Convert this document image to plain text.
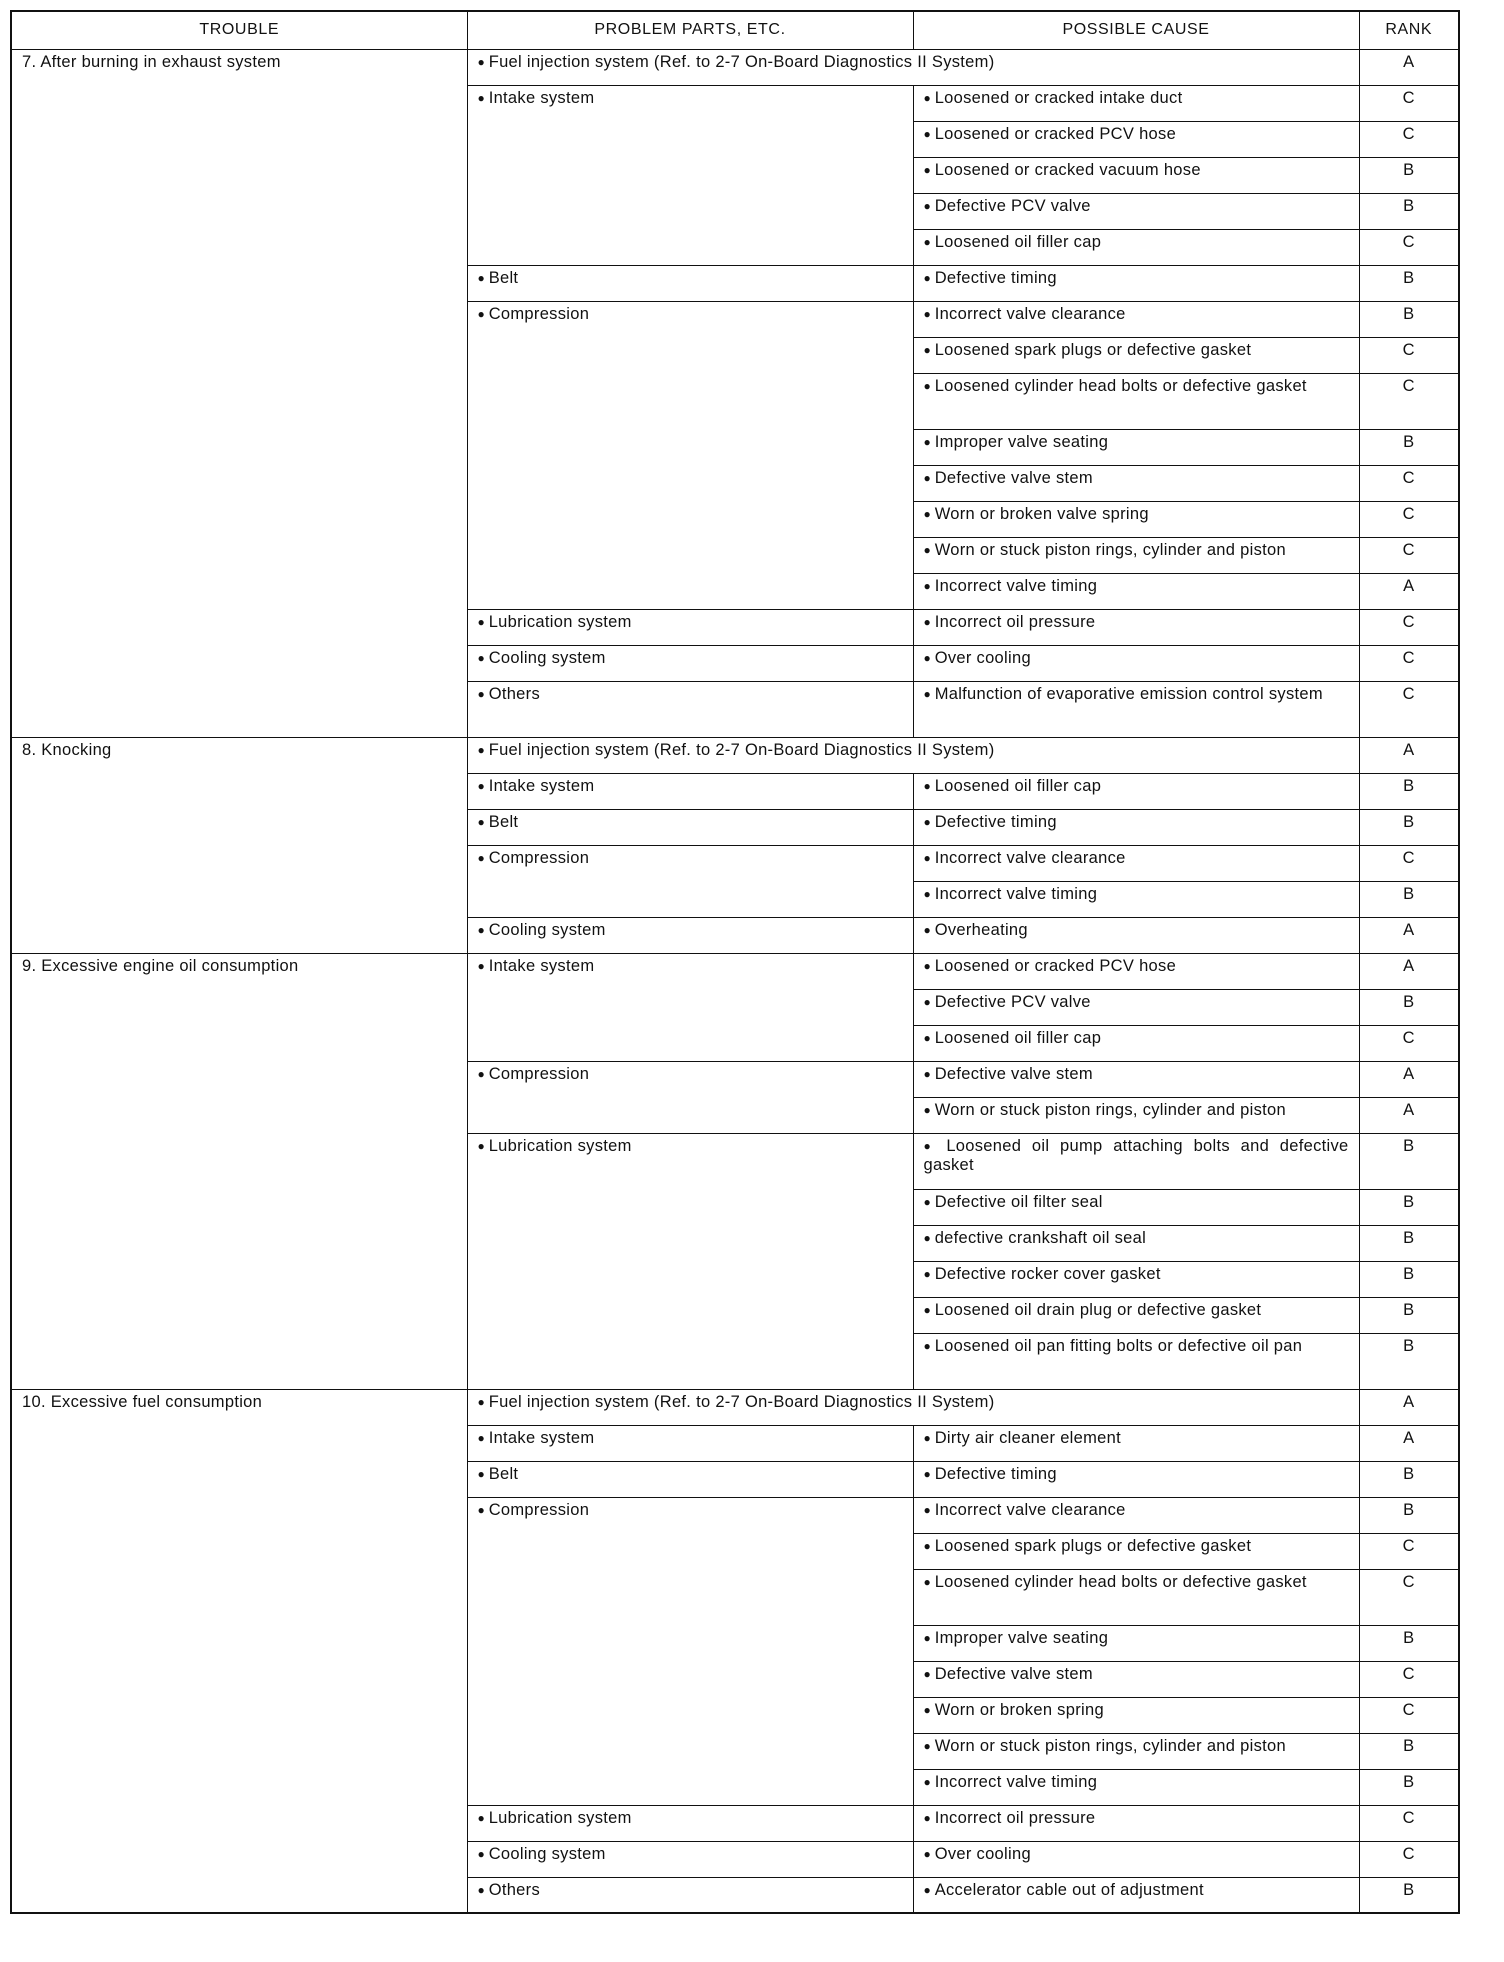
TROUBLE	PROBLEM PARTS, ETC.	POSSIBLE CAUSE	RANK
7. After burning in exhaust system	● Fuel injection system (Ref. to 2-7 On-Board Diagnostics II System)		A
	● Intake system	● Loosened or cracked intake duct	C
		● Loosened or cracked PCV hose	C
		● Loosened or cracked vacuum hose	B
		● Defective PCV valve	B
		● Loosened oil filler cap	C
	● Belt	● Defective timing	B
	● Compression	● Incorrect valve clearance	B
		● Loosened spark plugs or defective gasket	C
		● Loosened cylinder head bolts or defective gasket	C
		● Improper valve seating	B
		● Defective valve stem	C
		● Worn or broken valve spring	C
		● Worn or stuck piston rings, cylinder and piston	C
		● Incorrect valve timing	A
	● Lubrication system	● Incorrect oil pressure	C
	● Cooling system	● Over cooling	C
	● Others	● Malfunction of evaporative emission control system	C
8. Knocking	● Fuel injection system (Ref. to 2-7 On-Board Diagnostics II System)		A
	● Intake system	● Loosened oil filler cap	B
	● Belt	● Defective timing	B
	● Compression	● Incorrect valve clearance	C
		● Incorrect valve timing	B
	● Cooling system	● Overheating	A
9. Excessive engine oil consumption	● Intake system	● Loosened or cracked PCV hose	A
		● Defective PCV valve	B
		● Loosened oil filler cap	C
	● Compression	● Defective valve stem	A
		● Worn or stuck piston rings, cylinder and piston	A
	● Lubrication system	● Loosened oil pump attaching bolts and defective gasket	B
		● Defective oil filter seal	B
		● defective crankshaft oil seal	B
		● Defective rocker cover gasket	B
		● Loosened oil drain plug or defective gasket	B
		● Loosened oil pan fitting bolts or defective oil pan	B
10. Excessive fuel consumption	● Fuel injection system (Ref. to 2-7 On-Board Diagnostics II System)		A
	● Intake system	● Dirty air cleaner element	A
	● Belt	● Defective timing	B
	● Compression	● Incorrect valve clearance	B
		● Loosened spark plugs or defective gasket	C
		● Loosened cylinder head bolts or defective gasket	C
		● Improper valve seating	B
		● Defective valve stem	C
		● Worn or broken spring	C
		● Worn or stuck piston rings, cylinder and piston	B
		● Incorrect valve timing	B
	● Lubrication system	● Incorrect oil pressure	C
	● Cooling system	● Over cooling	C
	● Others	● Accelerator cable out of adjustment	B
